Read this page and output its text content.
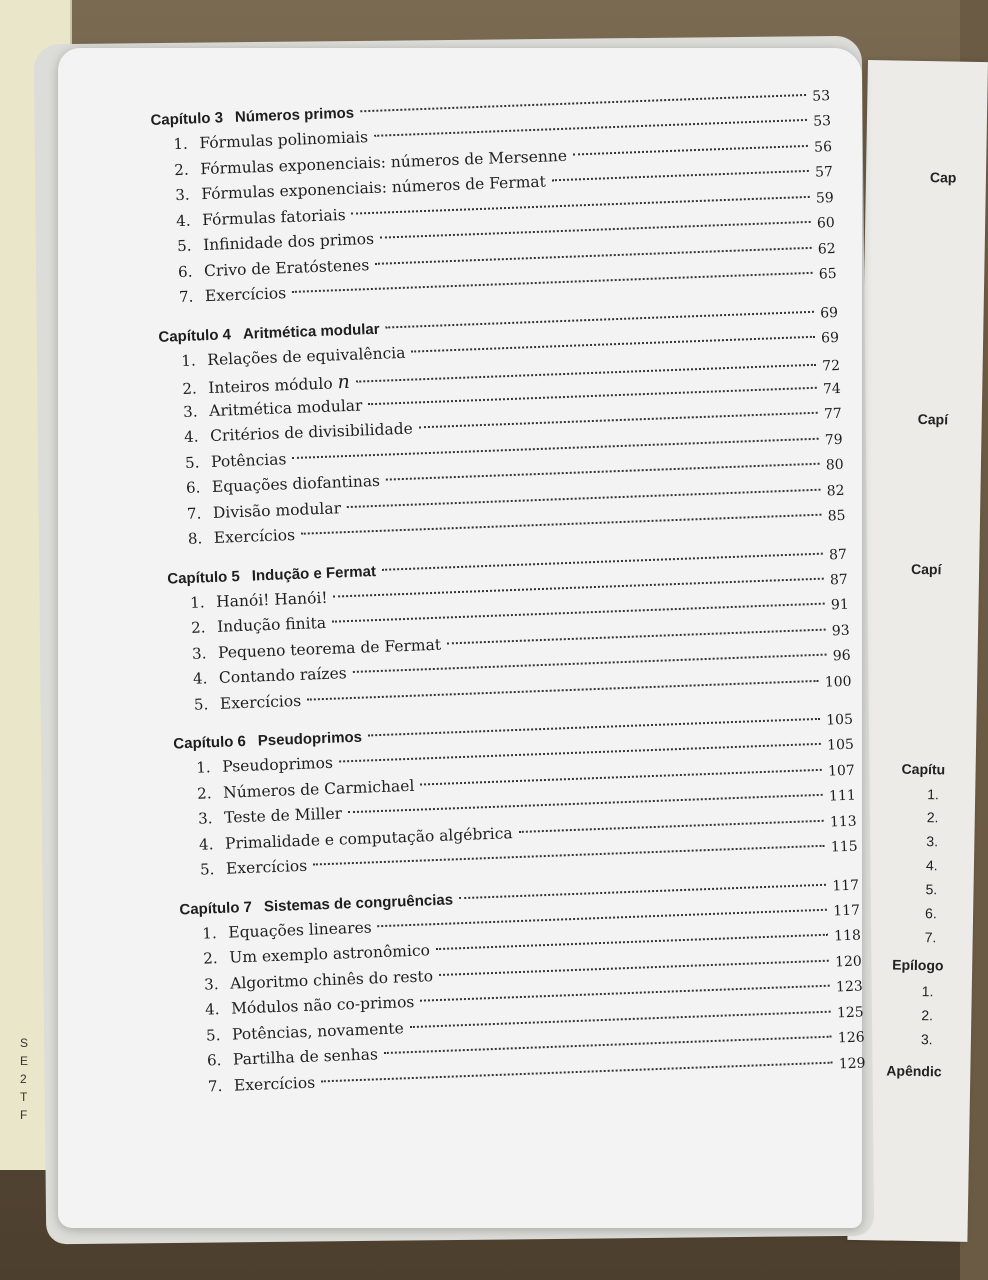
S
E
2
T
F
Cap
Capí
Capí
Capítu
1.
2.
3.
4.
5.
6.
7.
Epílogo
1.
2.
3.
Apêndic
Capítulo 3 Números primos
53
1. Fórmulas polinomiais
53
2. Fórmulas exponenciais: números de Mersenne	56
3. Fórmulas exponenciais: números de Fermat
57
4. Fórmulas fatoriais
59
5. Infinidade dos primos
60
6. Crivo de Eratóstenes
62
7. Exercícios
65
Capítulo 4 Aritmética modular
69
1. Relações de equivalência
69
2. Inteiros módulo n
72
3. Aritmética modular
74
4. Critérios de divisibilidade
77
5. Potências
79
6. Equações diofantinas
80
7. Divisão modular
82
8. Exercícios
85
Capítulo 5 Indução e Fermat
87
1. Hanói! Hanói!
87
2. Indução finita
91
3. Pequeno teorema de Fermat
93
4. Contando raízes
96
5. Exercícios
100
Capítulo 6 Pseudoprimos
105
1. Pseudoprimos
105
2. Números de Carmichael
107
3. Teste de Miller
111
4. Primalidade e computação algébrica
113
5. Exercícios
115
Capítulo 7 Sistemas de congruências
117
1. Equações lineares
117
2. Um exemplo astronômico
118
3. Algoritmo chinês do resto
120
4. Módulos não co-primos
123
5. Potências, novamente
125
6. Partilha de senhas
126
7. Exercícios
129
